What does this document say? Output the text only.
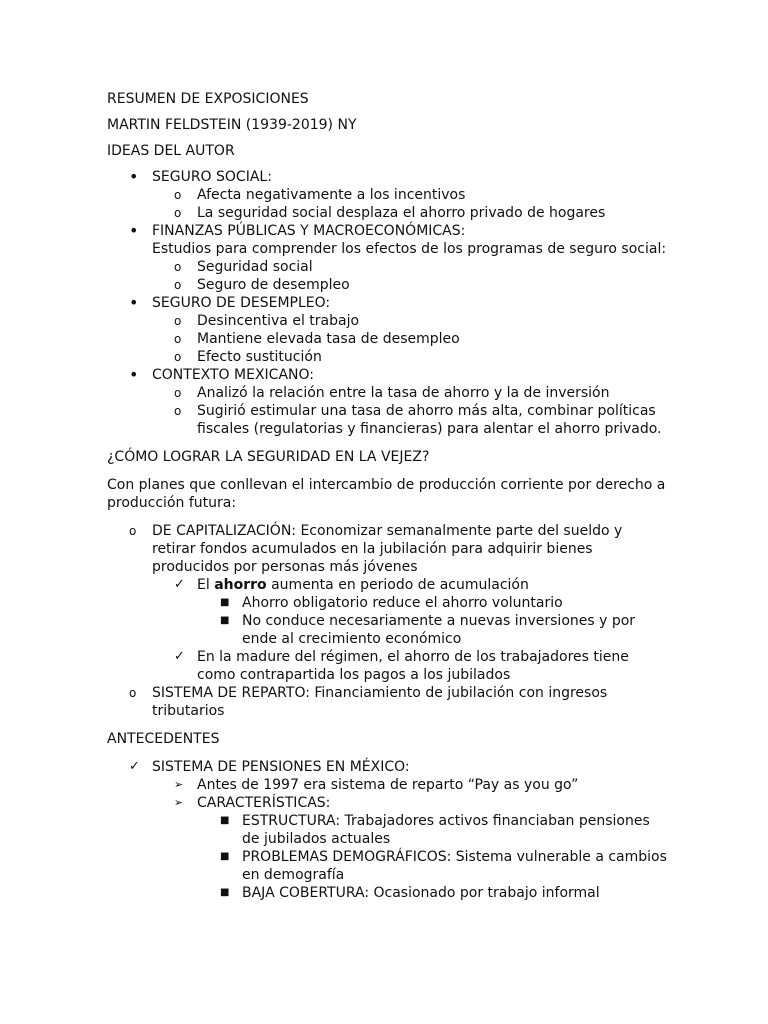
RESUMEN DE EXPOSICIONES

MARTIN FELDSTEIN (1939-2019) NY

IDEAS DEL AUTOR

• SEGURO SOCIAL:
o Afecta negativamente a los incentivos
o La seguridad social desplaza el ahorro privado de hogares
• FINANZAS PÚBLICAS Y MACROECONÓMICAS:
Estudios para comprender los efectos de los programas de seguro social:
o Seguridad social
o Seguro de desempleo
• SEGURO DE DESEMPLEO:
o Desincentiva el trabajo
o Mantiene elevada tasa de desempleo
o Efecto sustitución
• CONTEXTO MEXICANO:
o Analizó la relación entre la tasa de ahorro y la de inversión
o Sugirió estimular una tasa de ahorro más alta, combinar políticas fiscales (regulatorias y financieras) para alentar el ahorro privado.

¿CÓMO LOGRAR LA SEGURIDAD EN LA VEJEZ?

Con planes que conllevan el intercambio de producción corriente por derecho a producción futura:

o DE CAPITALIZACIÓN: Economizar semanalmente parte del sueldo y retirar fondos acumulados en la jubilación para adquirir bienes producidos por personas más jóvenes
✓ El ahorro aumenta en periodo de acumulación
■ Ahorro obligatorio reduce el ahorro voluntario
■ No conduce necesariamente a nuevas inversiones y por ende al crecimiento económico
✓ En la madure del régimen, el ahorro de los trabajadores tiene como contrapartida los pagos a los jubilados
o SISTEMA DE REPARTO: Financiamiento de jubilación con ingresos tributarios

ANTECEDENTES

✓ SISTEMA DE PENSIONES EN MÉXICO:
➢ Antes de 1997 era sistema de reparto “Pay as you go”
➢ CARACTERÍSTICAS:
■ ESTRUCTURA: Trabajadores activos financiaban pensiones de jubilados actuales
■ PROBLEMAS DEMOGRÁFICOS: Sistema vulnerable a cambios en demografía
■ BAJA COBERTURA: Ocasionado por trabajo informal
